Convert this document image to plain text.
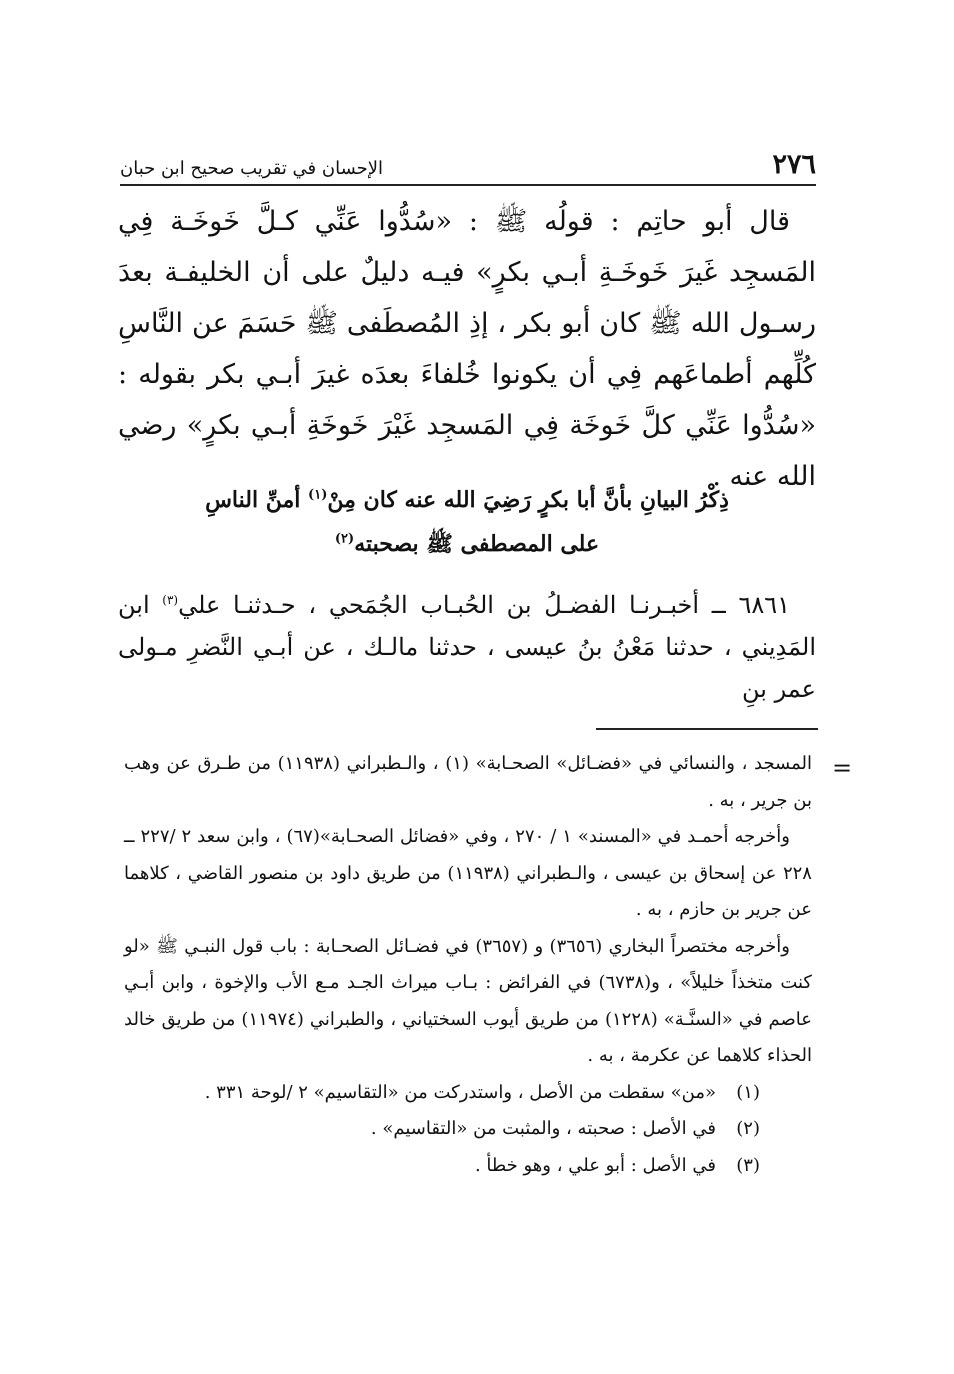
٢٧٦
الإحسان في تقريب صحيح ابن حبان

قال أبو حاتِم : قولُه ﷺ : «سُدُّوا عَنِّي كـلَّ خَوخَـة فِي المَسجِد غَيرَ خَوخَـةِ أبـي بكرٍ» فيـه دليلٌ على أن الخليفـة بعدَ رسـول الله ﷺ كان أبو بكر ، إذِ المُصطَفى ﷺ حَسَمَ عن النَّاسِ كُلِّهم أطماعَهم فِي أن يكونوا خُلفاءَ بعدَه غيرَ أبـي بكر بقوله : «سُدُّوا عَنِّي كلَّ خَوخَة فِي المَسجِد غَيْرَ خَوخَةِ أبـي بكرٍ» رضي الله عنه .

ذِكْرُ البيانِ بأنَّ أبا بكرٍ رَضِيَ الله عنه كان مِنْ$^{(١)}$ أمنِّ الناسِ
على المصطفى ﷺ بصحبته$^{(٢)}$

٦٨٦١ ــ أخبـرنـا الفضـلُ بن الحُبـاب الجُمَحي ، حـدثنـا علي$^{(٣)}$ ابن المَدِيني ، حدثنا مَعْنُ بنُ عيسى ، حدثنا مالـك ، عن أبـي النَّضرِ مـولى عمر بنِ

=

المسجد ، والنسائي في «فضـائل» الصحـابة» (١) ، والـطبراني (١١٩٣٨) من طـرق عن وهب بن جرير ، به .

وأخرجه أحمـد في «المسند» ١ / ٢٧٠ ، وفي «فضائل الصحـابة»(٦٧) ، وابن سعد ٢ /٢٢٧ ــ ٢٢٨ عن إسحاق بن عيسى ، والـطبراني (١١٩٣٨) من طريق داود بن منصور القاضي ، كلاهما عن جرير بن حازم ، به .

وأخرجه مختصراً البخاري (٣٦٥٦) و (٣٦٥٧) في فضـائل الصحـابة : باب قول النبـي ﷺ «لو كنت متخذاً خليلاً» ، و(٦٧٣٨) في الفرائض : بـاب ميراث الجـد مـع الأب والإخوة ، وابن أبـي عاصم في «السنَّـة» (١٢٢٨) من طريق أيوب السختياني ، والطبراني (١١٩٧٤) من طريق خالد الحذاء كلاهما عن عكرمة ، به .

(١)
«من» سقطت من الأصل ، واستدركت من «التقاسيم» ٢ /لوحة ٣٣١ .
(٢)
في الأصل : صحبته ، والمثبت من «التقاسيم» .
(٣)
في الأصل : أبو علي ، وهو خطأ .
